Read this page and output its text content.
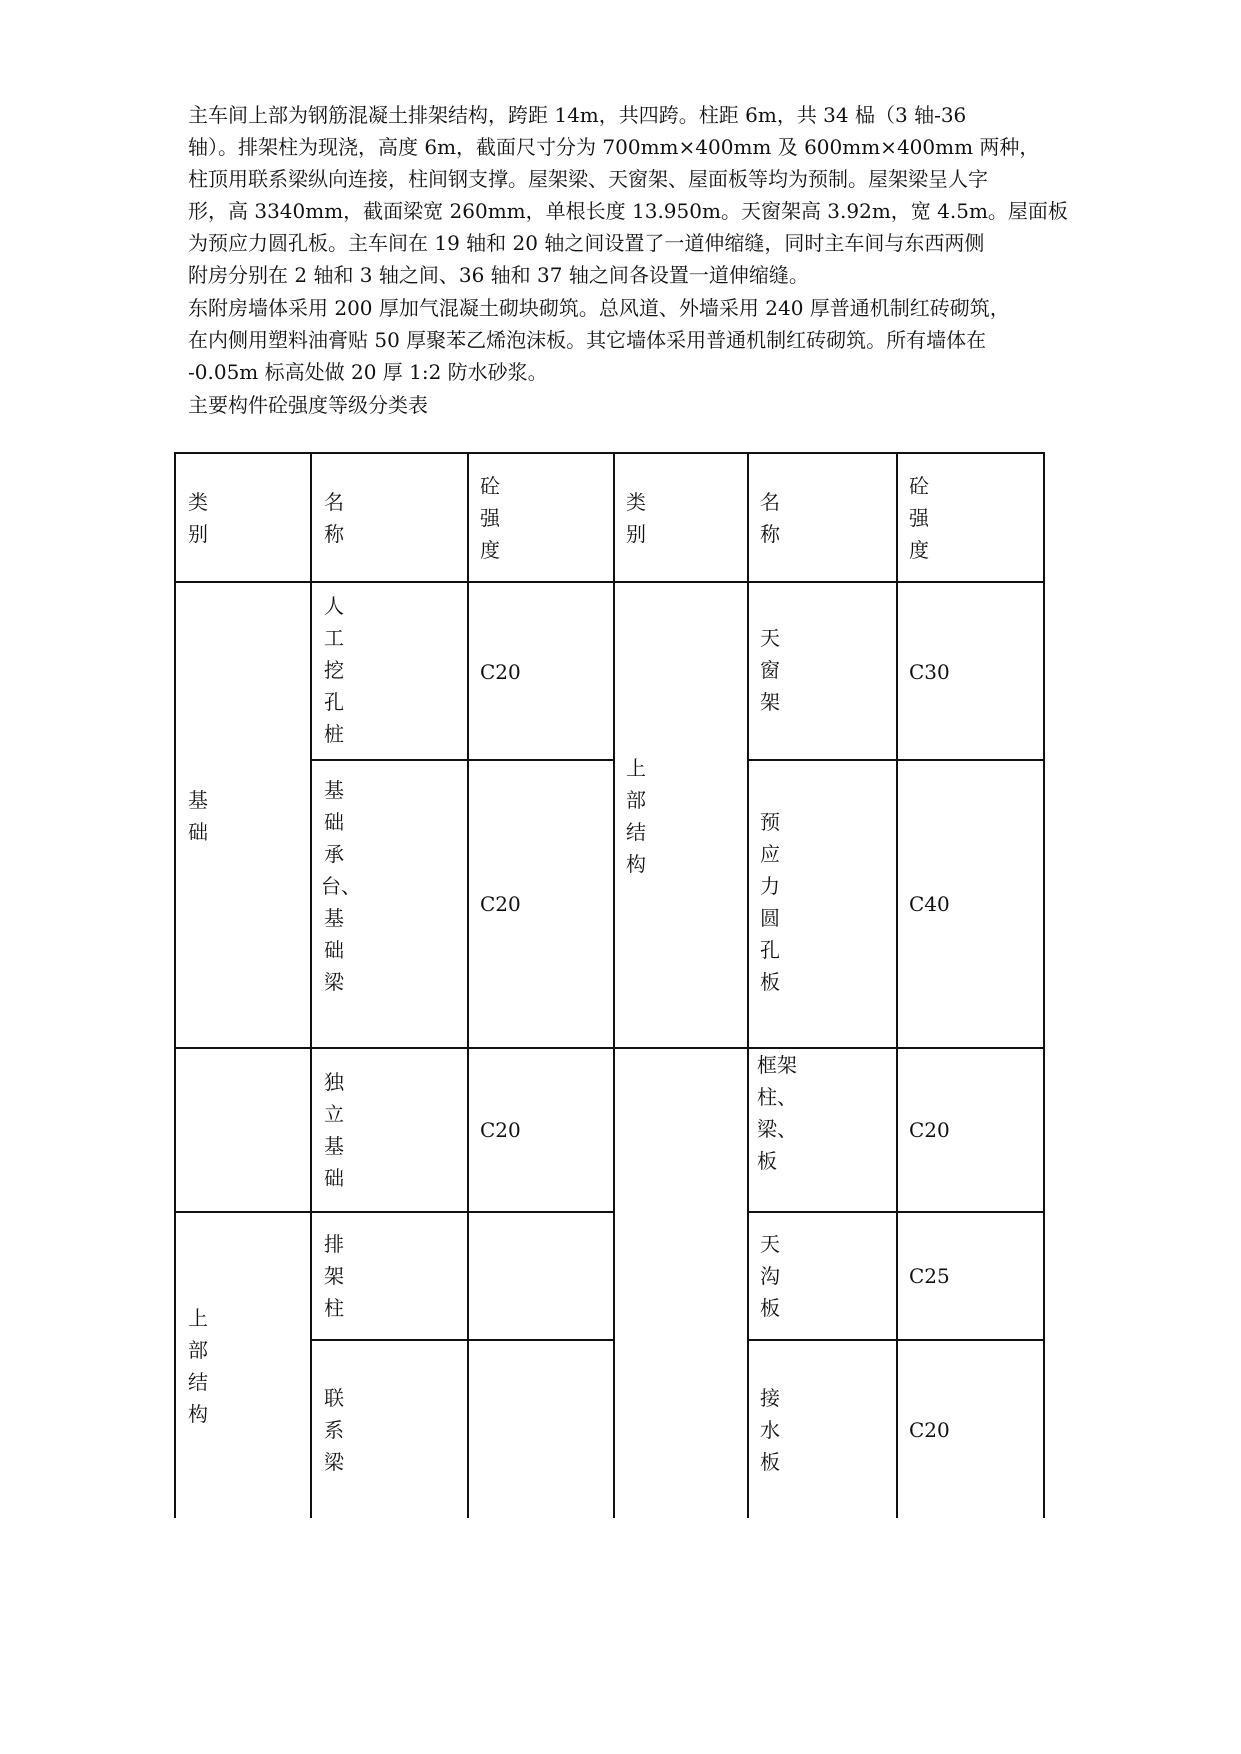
主车间上部为钢筋混凝土排架结构，跨距 14m，共四跨。柱距 6m，共 34 榀（3 轴-36
轴）。排架柱为现浇，高度 6m，截面尺寸分为 700mm×400mm 及 600mm×400mm 两种，
柱顶用联系梁纵向连接，柱间钢支撑。屋架梁、天窗架、屋面板等均为预制。屋架梁呈人字
形，高 3340mm，截面梁宽 260mm，单根长度 13.950m。天窗架高 3.92m，宽 4.5m。屋面板
为预应力圆孔板。主车间在 19 轴和 20 轴之间设置了一道伸缩缝，同时主车间与东西两侧
附房分别在 2 轴和 3 轴之间、36 轴和 37 轴之间各设置一道伸缩缝。
东附房墙体采用 200 厚加气混凝土砌块砌筑。总风道、外墙采用 240 厚普通机制红砖砌筑，
在内侧用塑料油膏贴 50 厚聚苯乙烯泡沫板。其它墙体采用普通机制红砖砌筑。所有墙体在
-0.05m 标高处做 20 厚 1:2 防水砂浆。
主要构件砼强度等级分类表
类别
名称
砼强度
类别
名称
砼强度
基础
上部结构
上部结构
人工挖孔桩
基础承台、基础梁
独立基础
排架柱
联系梁
C20
C20
C20
天窗架
预应力圆孔板
框架柱、梁、板
天沟板
接水板
C30
C40
C20
C25
C20
